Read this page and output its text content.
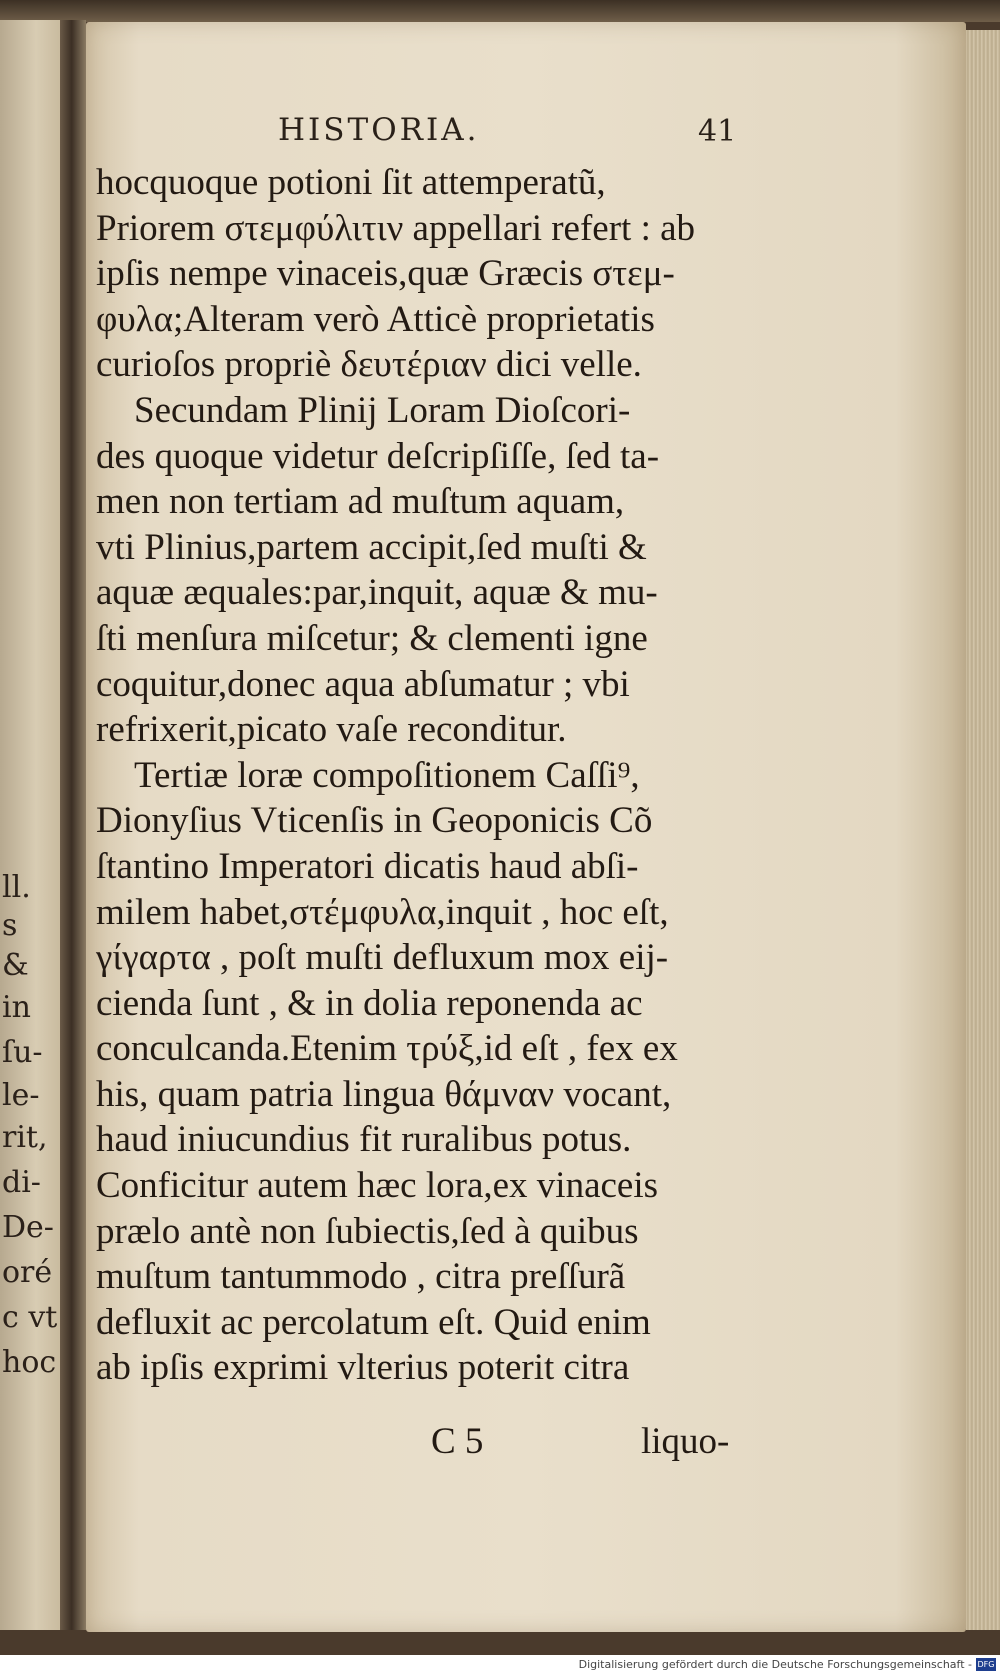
ll.
s
&
in
ſu-
le-
rit,
di-
De-
oré
c vt
hoc
HISTORIA.	41
hocquoque potioni ſit attemperatũ,
Priorem στεμφύλιτιν appellari refert : ab
ipſis nempe vinaceis,quæ Græcis στεμ-
φυλα;Alteram verò Atticè proprietatis
curioſos propriè δευτέριαν dici velle.
Secundam Plinij Loram Dioſcori-
des quoque videtur deſcripſiſſe, ſed ta-
men non tertiam ad muſtum aquam,
vti Plinius,partem accipit,ſed muſti &
aquæ æquales:par,inquit, aquæ & mu-
ſti menſura miſcetur; & clementi igne
coquitur,donec aqua abſumatur ; vbi
refrixerit,picato vaſe reconditur.
Tertiæ loræ compoſitionem Caſſi⁹,
Dionyſius Vticenſis in Geoponicis Cõ
ſtantino Imperatori dicatis haud abſi-
milem habet,στέμφυλα,inquit , hoc eſt,
γίγαρτα , poſt muſti defluxum mox eij-
cienda ſunt , & in dolia reponenda ac
conculcanda.Etenim τρύξ,id eſt , fex ex
his, quam patria lingua θάμναν vocant,
haud iniucundius fit ruralibus potus.
Conficitur autem hæc lora,ex vinaceis
prælo antè non ſubiectis,ſed à quibus
muſtum tantummodo , citra preſſurã
defluxit ac percolatum eſt. Quid enim
ab ipſis exprimi vlterius poterit citra
C 5	liquo-
Digitalisierung gefördert durch die Deutsche Forschungsgemeinschaft - DFG
